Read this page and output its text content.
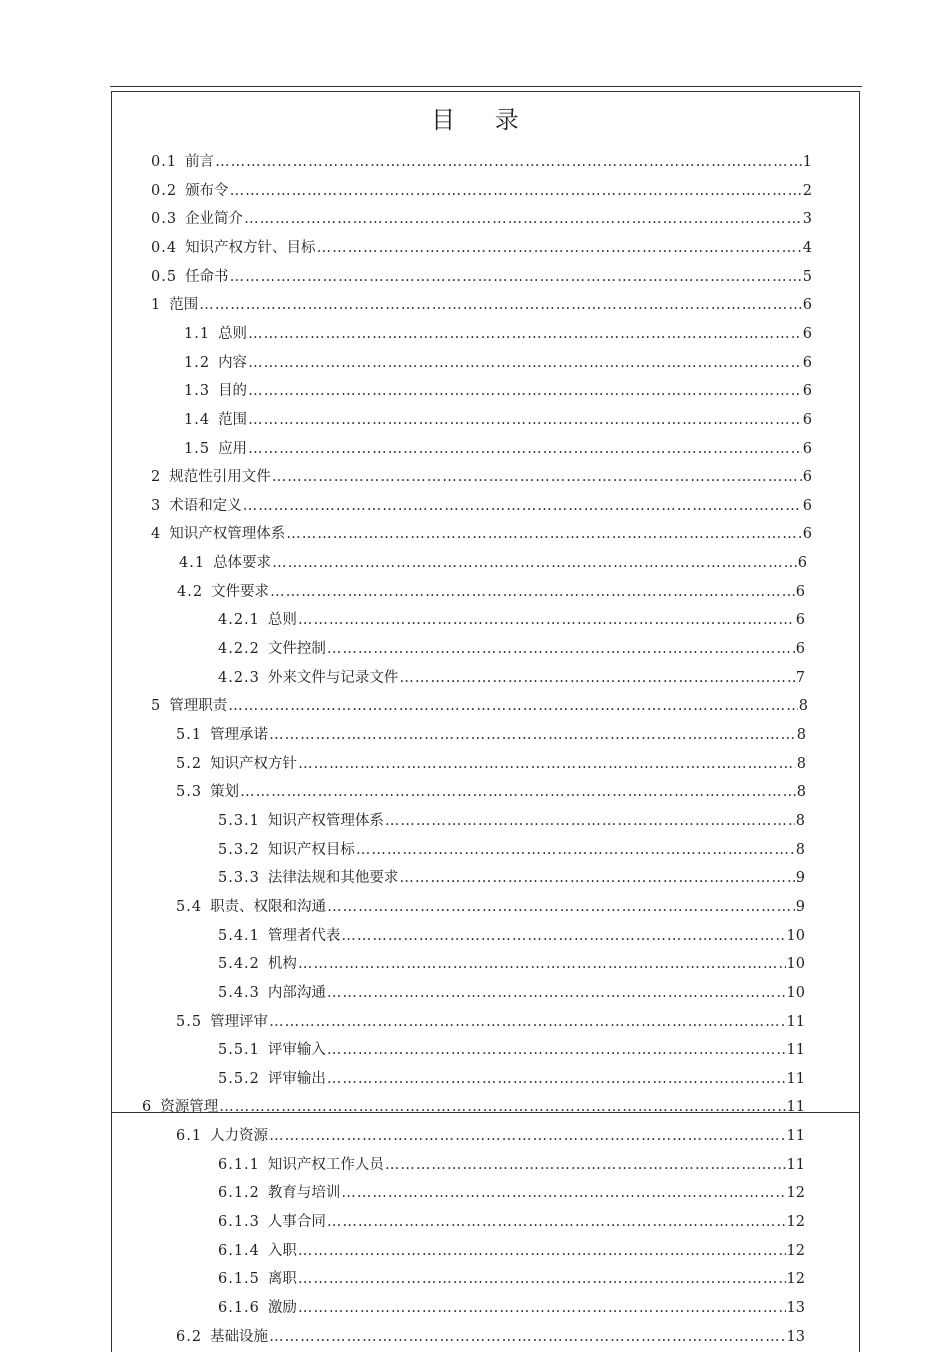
目 录
0.1 前言 …………………………………………………………………………………………………………………………………………………………………………	1
0.2 颁布令 …………………………………………………………………………………………………………………………………………………………………………	2
0.3 企业简介 …………………………………………………………………………………………………………………………………………………………………………	3
0.4 知识产权方针、目标 …………………………………………………………………………………………………………………………………………………………………………	4
0.5 任命书 …………………………………………………………………………………………………………………………………………………………………………	5
1 范围 …………………………………………………………………………………………………………………………………………………………………………	6
1.1 总则 …………………………………………………………………………………………………………………………………………………………………………	6
1.2 内容 …………………………………………………………………………………………………………………………………………………………………………	6
1.3 目的 …………………………………………………………………………………………………………………………………………………………………………	6
1.4 范围 …………………………………………………………………………………………………………………………………………………………………………	6
1.5 应用 …………………………………………………………………………………………………………………………………………………………………………	6
2 规范性引用文件 …………………………………………………………………………………………………………………………………………………………………………	6
3 术语和定义 …………………………………………………………………………………………………………………………………………………………………………	6
4 知识产权管理体系 …………………………………………………………………………………………………………………………………………………………………………	6
4.1 总体要求 …………………………………………………………………………………………………………………………………………………………………………	6
4.2 文件要求 …………………………………………………………………………………………………………………………………………………………………………	6
4.2.1 总则 …………………………………………………………………………………………………………………………………………………………………………	6
4.2.2 文件控制 …………………………………………………………………………………………………………………………………………………………………………	6
4.2.3 外来文件与记录文件 …………………………………………………………………………………………………………………………………………………………………………	7
5 管理职责 …………………………………………………………………………………………………………………………………………………………………………	8
5.1 管理承诺 …………………………………………………………………………………………………………………………………………………………………………	8
5.2 知识产权方针 …………………………………………………………………………………………………………………………………………………………………………	8
5.3 策划 …………………………………………………………………………………………………………………………………………………………………………	8
5.3.1 知识产权管理体系 …………………………………………………………………………………………………………………………………………………………………………	8
5.3.2 知识产权目标 …………………………………………………………………………………………………………………………………………………………………………	8
5.3.3 法律法规和其他要求 …………………………………………………………………………………………………………………………………………………………………………	9
5.4 职责、权限和沟通 …………………………………………………………………………………………………………………………………………………………………………	9
5.4.1 管理者代表 …………………………………………………………………………………………………………………………………………………………………………	10
5.4.2 机构 …………………………………………………………………………………………………………………………………………………………………………	10
5.4.3 内部沟通 …………………………………………………………………………………………………………………………………………………………………………	10
5.5 管理评审 …………………………………………………………………………………………………………………………………………………………………………	11
5.5.1 评审输入 …………………………………………………………………………………………………………………………………………………………………………	11
5.5.2 评审输出 …………………………………………………………………………………………………………………………………………………………………………	11
6 资源管理 …………………………………………………………………………………………………………………………………………………………………………	11
6.1 人力资源 …………………………………………………………………………………………………………………………………………………………………………	11
6.1.1 知识产权工作人员 …………………………………………………………………………………………………………………………………………………………………………	11
6.1.2 教育与培训 …………………………………………………………………………………………………………………………………………………………………………	12
6.1.3 人事合同 …………………………………………………………………………………………………………………………………………………………………………	12
6.1.4 入职 …………………………………………………………………………………………………………………………………………………………………………	12
6.1.5 离职 …………………………………………………………………………………………………………………………………………………………………………	12
6.1.6 激励 …………………………………………………………………………………………………………………………………………………………………………	13
6.2 基础设施 …………………………………………………………………………………………………………………………………………………………………………	13
